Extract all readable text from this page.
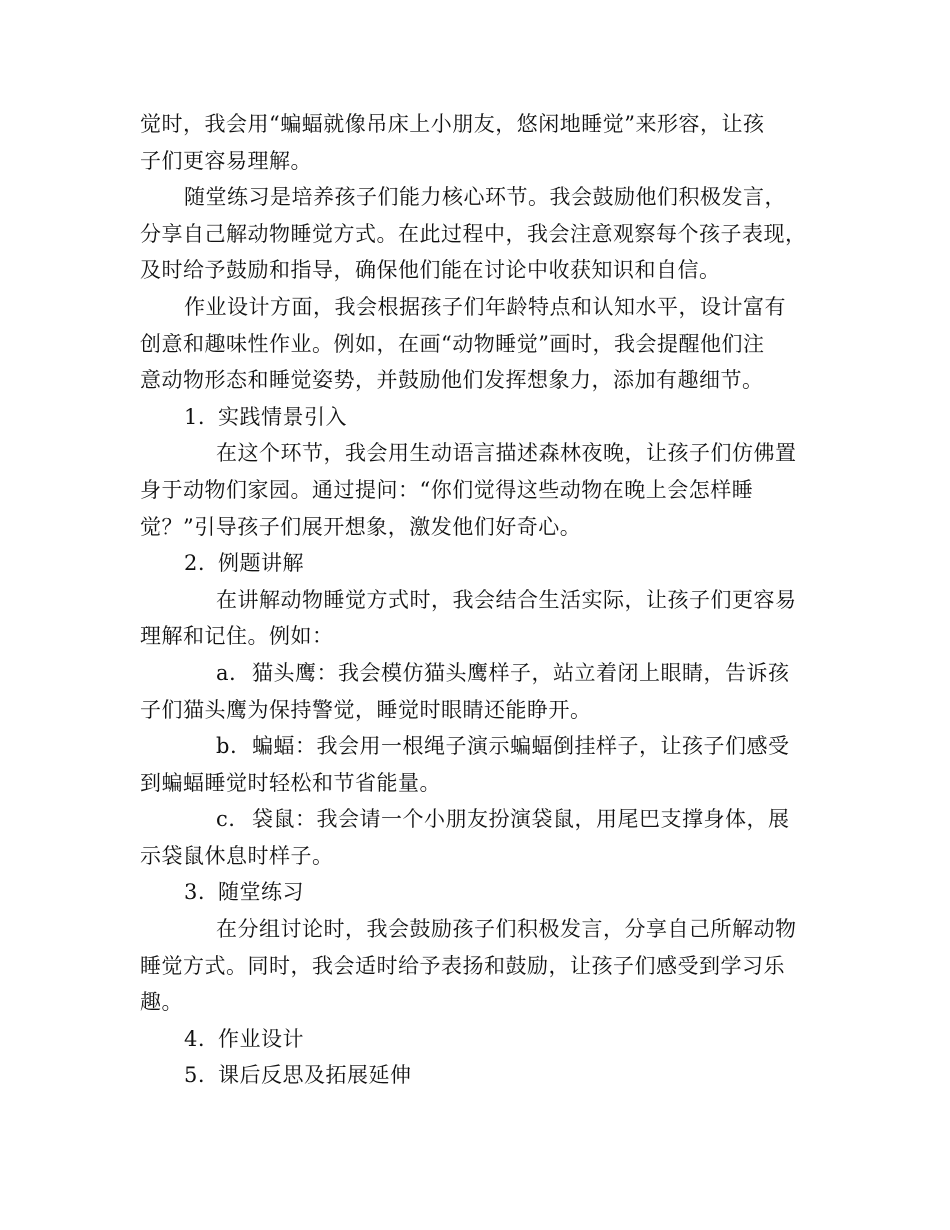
觉时，我会用“蝙蝠就像吊床上小朋友，悠闲地睡觉”来形容，让孩
子们更容易理解。
随堂练习是培养孩子们能力核心环节。我会鼓励他们积极发言，
分享自己解动物睡觉方式。在此过程中，我会注意观察每个孩子表现，
及时给予鼓励和指导，确保他们能在讨论中收获知识和自信。
作业设计方面，我会根据孩子们年龄特点和认知水平，设计富有
创意和趣味性作业。例如，在画“动物睡觉”画时，我会提醒他们注
意动物形态和睡觉姿势，并鼓励他们发挥想象力，添加有趣细节。
1. 实践情景引入
在这个环节，我会用生动语言描述森林夜晚，让孩子们仿佛置
身于动物们家园。通过提问：“你们觉得这些动物在晚上会怎样睡
觉？”引导孩子们展开想象，激发他们好奇心。
2. 例题讲解
在讲解动物睡觉方式时，我会结合生活实际，让孩子们更容易
理解和记住。例如：
a. 猫头鹰：我会模仿猫头鹰样子，站立着闭上眼睛，告诉孩
子们猫头鹰为保持警觉，睡觉时眼睛还能睁开。
b. 蝙蝠：我会用一根绳子演示蝙蝠倒挂样子，让孩子们感受
到蝙蝠睡觉时轻松和节省能量。
c. 袋鼠：我会请一个小朋友扮演袋鼠，用尾巴支撑身体，展
示袋鼠休息时样子。
3. 随堂练习
在分组讨论时，我会鼓励孩子们积极发言，分享自己所解动物
睡觉方式。同时，我会适时给予表扬和鼓励，让孩子们感受到学习乐
趣。
4. 作业设计
5. 课后反思及拓展延伸
